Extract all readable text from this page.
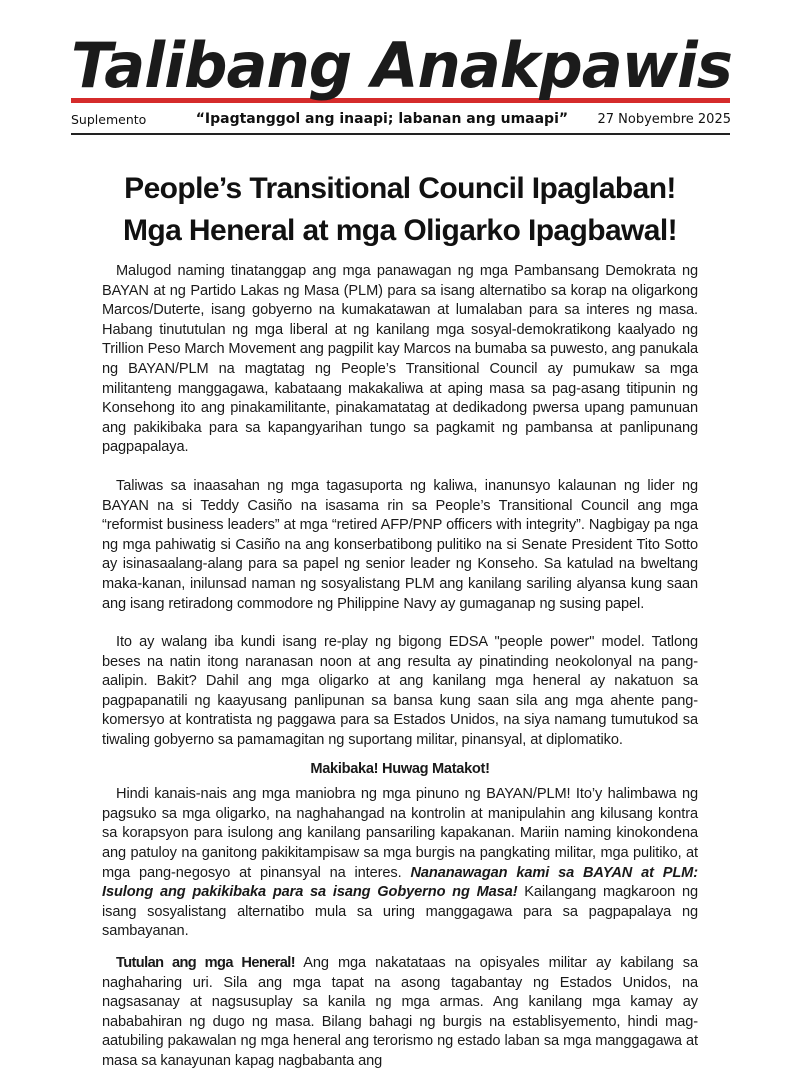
Talibang Anakpawis
Suplemento	“Ipagtanggol ang inaapi; labanan ang umaapi” 27 Nobyembre 2025
People’s Transitional Council Ipaglaban!
Mga Heneral at mga Oligarko Ipagbawal!

Malugod naming tinatanggap ang mga panawagan ng mga Pambansang Demokrata ng BAYAN at ng Partido Lakas ng Masa (PLM) para sa isang alternatibo sa korap na oligarkong Marcos/Duterte, isang gobyerno na kumakatawan at lumalaban para sa interes ng masa. Habang tinututulan ng mga liberal at ng kanilang mga sosyal-demokratikong kaalyado ng Trillion Peso March Movement ang pagpilit kay Marcos na bumaba sa puwesto, ang panukala ng BAYAN/PLM na magtatag ng People’s Transitional Council ay pumukaw sa mga militanteng manggagawa, kabataang makakaliwa at aping masa sa pag-asang titipunin ng Konsehong ito ang pinakamilitante, pinakamatatag at dedikadong pwersa upang pamunuan ang pakikibaka para sa kapangyarihan tungo sa pagkamit ng pambansa at panlipunang pagpapalaya.

Taliwas sa inaasahan ng mga tagasuporta ng kaliwa, inanunsyo kalaunan ng lider ng BAYAN na si Teddy Casiño na isasama rin sa People’s Transitional Council ang mga “reformist business leaders” at mga “retired AFP/PNP officers with integrity”. Nagbigay pa nga ng mga pahiwatig si Casiño na ang konserbatibong pulitiko na si Senate President Tito Sotto ay isinasaalang-alang para sa papel ng senior leader ng Konseho. Sa katulad na bweltang maka-kanan, inilunsad naman ng sosyalistang PLM ang kanilang sariling alyansa kung saan ang isang retiradong commodore ng Philippine Navy ay gumaganap ng susing papel.

Ito ay walang iba kundi isang re-play ng bigong EDSA "people power" model. Tatlong beses na natin itong naranasan noon at ang resulta ay pinatinding neokolonyal na pang-aalipin. Bakit? Dahil ang mga oligarko at ang kanilang mga heneral ay nakatuon sa pagpapanatili ng kaayusang panlipunan sa bansa kung saan sila ang mga ahente pang-komersyo at kontratista ng paggawa para sa Estados Unidos, na siya namang tumutukod sa tiwaling gobyerno sa pamamagitan ng suportang militar, pinansyal, at diplomatiko.

Makibaka! Huwag Matakot!

Hindi kanais-nais ang mga maniobra ng mga pinuno ng BAYAN/PLM! Ito’y halimbawa ng pagsuko sa mga oligarko, na naghahangad na kontrolin at manipulahin ang kilusang kontra sa korapsyon para isulong ang kanilang pansariling kapakanan. Mariin naming kinokondena ang patuloy na ganitong pakikitampisaw sa mga burgis na pangkating militar, mga pulitiko, at mga pang-negosyo at pinansyal na interes. Nananawagan kami sa BAYAN at PLM: Isulong ang pakikibaka para sa isang Gobyerno ng Masa! Kailangang magkaroon ng isang sosyalistang alternatibo mula sa uring manggagawa para sa pagpapalaya ng sambayanan.

Tutulan ang mga Heneral! Ang mga nakatataas na opisyales militar ay kabilang sa naghaharing uri. Sila ang mga tapat na asong tagabantay ng Estados Unidos, na nagsasanay at nagsusuplay sa kanila ng mga armas. Ang kanilang mga kamay ay nababahiran ng dugo ng masa. Bilang bahagi ng burgis na establisyemento, hindi mag-aatubiling pakawalan ng mga heneral ang terorismo ng estado laban sa mga manggagawa at masa sa kanayunan kapag nagbabanta ang
